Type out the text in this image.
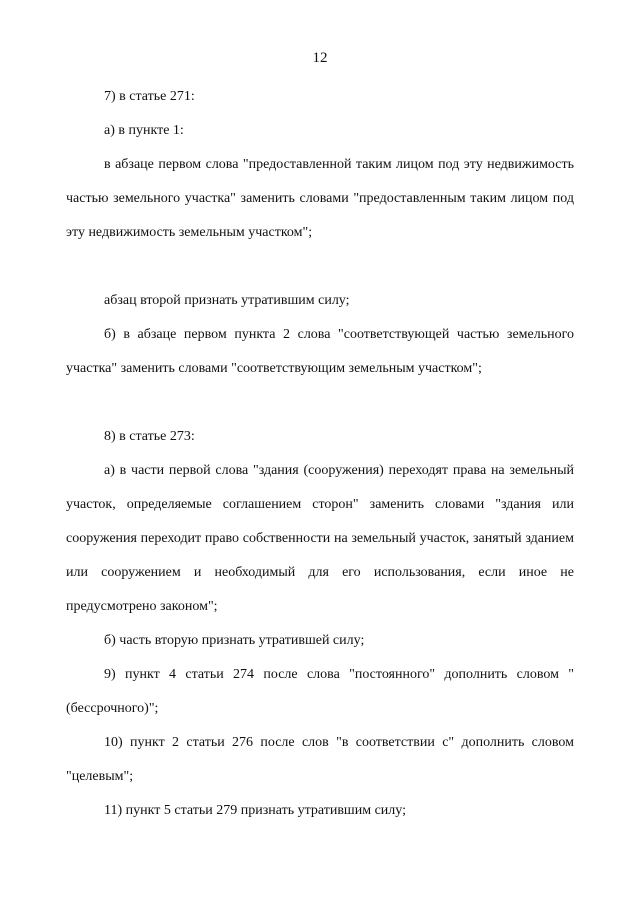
12
7) в статье 271:
а) в пункте 1:
в абзаце первом слова "предоставленной таким лицом под эту недвижимость частью земельного участка" заменить словами "предоставленным таким лицом под эту недвижимость земельным участком";
абзац второй признать утратившим силу;
б) в абзаце первом пункта 2 слова "соответствующей частью земельного участка" заменить словами "соответствующим земельным участком";
8) в статье 273:
а) в части первой слова "здания (сооружения) переходят права на земельный участок, определяемые соглашением сторон" заменить словами "здания или сооружения переходит право собственности на земельный участок, занятый зданием или сооружением и необходимый для его использования, если иное не предусмотрено законом";
б) часть вторую признать утратившей силу;
9) пункт 4 статьи 274 после слова "постоянного" дополнить словом "(бессрочного)";
10) пункт 2 статьи 276 после слов "в соответствии с" дополнить словом "целевым";
11) пункт 5 статьи 279 признать утратившим силу;
